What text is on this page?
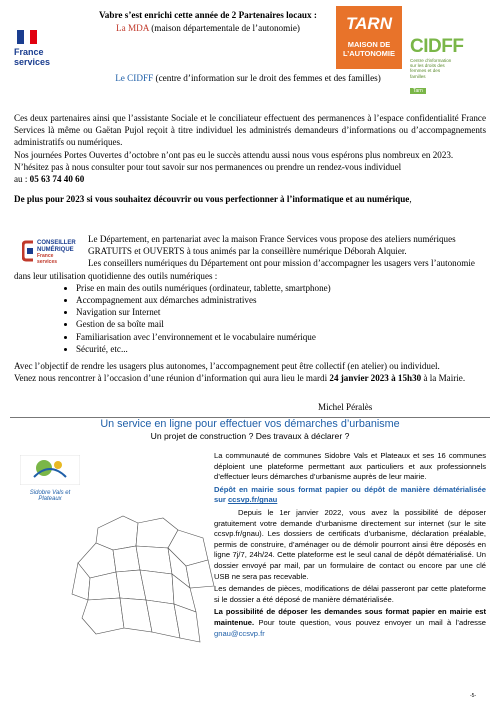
France
services
Vabre s’est enrichi cette année de 2 Partenaires locaux :
La MDA (maison départementale de l’autonomie)	TARN
MAISON DE
L’AUTONOMIE CIDFF
Centre d’information sur les droits des femmes et des familles
Tarn
Le CIDFF (centre d’information sur le droit des femmes et des familles)

Ces deux partenaires ainsi que l’assistante Sociale et le conciliateur effectuent des permanences à l’espace confidentialité France Services là même ou Gaëtan Pujol reçoit à titre individuel les administrés demandeurs d’informations ou d’accompagnements administratifs ou numériques.

Nos journées Portes Ouvertes d’octobre n’ont pas eu le succès attendu aussi nous vous espérons plus nombreux en 2023.

N’hésitez pas à nous consulter pour tout savoir sur nos permanences ou prendre un rendez-vous individuel

au : 05 63 74 40 60

De plus pour 2023 si vous souhaitez découvrir ou vous perfectionner à l’informatique et au numérique,

CONSEILLER
NUMÉRIQUE
France
services
Le Département, en partenariat avec la maison France Services vous propose des ateliers numériques GRATUITS et OUVERTS à tous animés par la conseillère numérique Déborah Alquier.

Les conseillers numériques du Département ont pour mission d’accompagner les usagers vers l’autonomie dans leur utilisation quotidienne des outils numériques :

• Prise en main des outils numériques (ordinateur, tablette, smartphone)
• Accompagnement aux démarches administratives
• Navigation sur Internet
• Gestion de sa boîte mail
• Familiarisation avec l’environnement et le vocabulaire numérique
• Sécurité, etc...

Avec l’objectif de rendre les usagers plus autonomes, l’accompagnement peut être collectif (en atelier) ou individuel.

Venez nous rencontrer à l’occasion d’une réunion d’information qui aura lieu le mardi 24 janvier 2023 à 15h30 à la Mairie.

Michel Péralès
Un service en ligne pour effectuer vos démarches d’urbanisme
Un projet de construction ? Des travaux à déclarer ?
Sidobre Vals et Plateaux

La communauté de communes Sidobre Vals et Plateaux et ses 16 communes déploient une plateforme permettant aux particuliers et aux professionnels d’effectuer leurs démarches d’urbanisme auprès de leur mairie.

Dépôt en mairie sous format papier ou dépôt de manière dématérialisée sur ccsvp.fr/gnau

Depuis le 1er janvier 2022, vous avez la possibilité de déposer gratuitement votre demande d’urbanisme directement sur internet (sur le site ccsvp.fr/gnau). Les dossiers de certificats d’urbanisme, déclaration préalable, permis de construire, d’aménager ou de démolir pourront ainsi être déposés en ligne 7j/7, 24h/24. Cette plateforme est le seul canal de dépôt dématérialisé. Un dossier envoyé par mail, par un formulaire de contact ou encore par une clé USB ne sera pas recevable.

Les demandes de pièces, modifications de délai passeront par cette plateforme si le dossier a été déposé de manière dématérialisée.

La possibilité de déposer les demandes sous format papier en mairie est maintenue. Pour toute question, vous pouvez envoyer un mail à l’adresse gnau@ccsvp.fr

-5-
